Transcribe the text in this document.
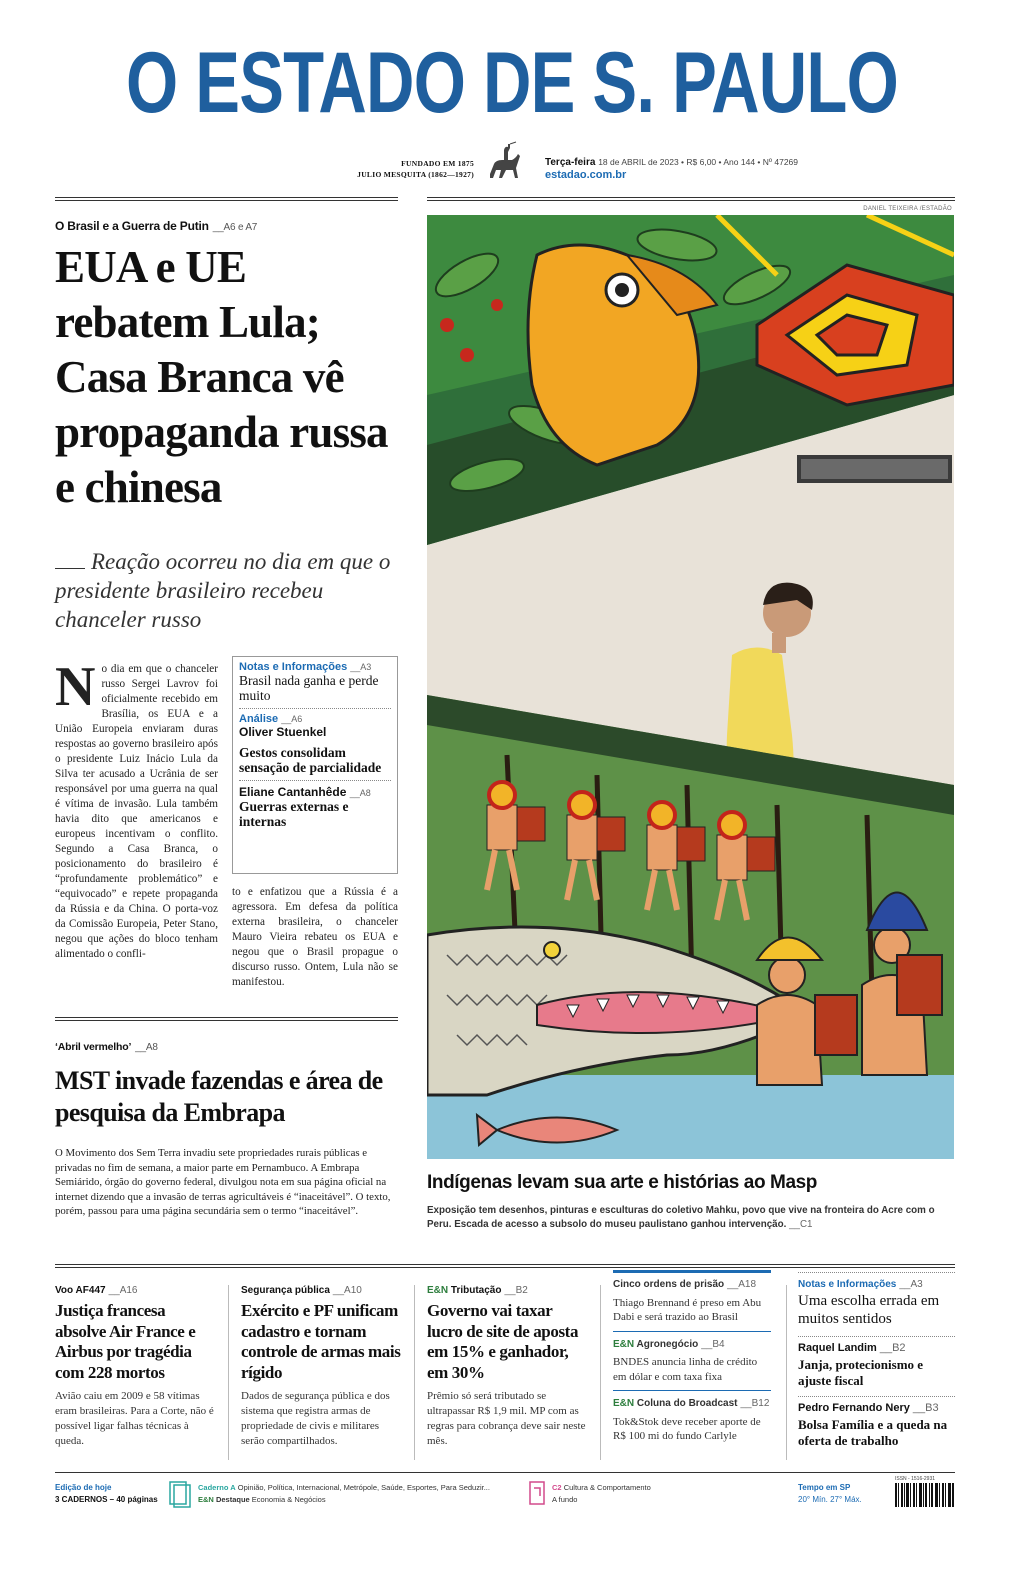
O ESTADO DE S. PAULO
FUNDADO EM 1875
JULIO MESQUITA (1862—1927)
Terça-feira 18 de ABRIL de 2023 • R$ 6,00 • Ano 144 • Nº 47269
estadao.com.br
O Brasil e a Guerra de Putin __A6 e A7
EUA e UE rebatem Lula; Casa Branca vê propaganda russa e chinesa
Reação ocorreu no dia em que o presidente brasileiro recebeu chanceler russo
No dia em que o chanceler russo Sergei Lavrov foi oficialmente recebido em Brasília, os EUA e a União Europeia enviaram duras respostas ao governo brasileiro após o presidente Luiz Inácio Lula da Silva ter acusado a Ucrânia de ser responsável por uma guerra na qual é vítima de invasão. Lula também havia dito que americanos e europeus incentivam o conflito. Segundo a Casa Branca, o posicionamento do brasileiro é “profundamente problemático” e “equivocado” e repete propaganda da Rússia e da China. O porta-voz da Comissão Europeia, Peter Stano, negou que ações do bloco tenham alimentado o confli-
Notas e Informações __A3
Brasil nada ganha e perde muito
Análise __A6
Oliver Stuenkel
Gestos consolidam sensação de parcialidade
Eliane Cantanhêde __A8
Guerras externas e internas
to e enfatizou que a Rússia é a agressora. Em defesa da política externa brasileira, o chanceler Mauro Vieira rebateu os EUA e negou que o Brasil propague o discurso russo. Ontem, Lula não se manifestou.
‘Abril vermelho’ __A8
MST invade fazendas e área de pesquisa da Embrapa
O Movimento dos Sem Terra invadiu sete propriedades rurais públicas e privadas no fim de semana, a maior parte em Pernambuco. A Embrapa Semiárido, órgão do governo federal, divulgou nota em sua página oficial na internet dizendo que a invasão de terras agricultáveis é “inaceitável”. O texto, porém, passou para uma página secundária sem o termo “inaceitável”.
DANIEL TEIXEIRA /ESTADÃO
Indígenas levam sua arte e histórias ao Masp
Exposição tem desenhos, pinturas e esculturas do coletivo Mahku, povo que vive na fronteira do Acre com o Peru. Escada de acesso a subsolo do museu paulistano ganhou intervenção. __C1
Voo AF447 __A16
Justiça francesa absolve Air France e Airbus por tragédia com 228 mortos
Avião caiu em 2009 e 58 vítimas eram brasileiras. Para a Corte, não é possível ligar falhas técnicas à queda.
Segurança pública __A10
Exército e PF unificam cadastro e tornam controle de armas mais rígido
Dados de segurança pública e dos sistema que registra armas de propriedade de civis e militares serão compartilhados.
E&N Tributação __B2
Governo vai taxar lucro de site de aposta em 15% e ganhador, em 30%
Prêmio só será tributado se ultrapassar R$ 1,9 mil. MP com as regras para cobrança deve sair neste mês.
Cinco ordens de prisão __A18
Thiago Brennand é preso em Abu Dabi e será trazido ao Brasil
E&N Agronegócio __B4
BNDES anuncia linha de crédito em dólar e com taxa fixa
E&N Coluna do Broadcast __B12
Tok&Stok deve receber aporte de R$ 100 mi do fundo Carlyle
Notas e Informações __A3
Uma escolha errada em muitos sentidos
Raquel Landim __B2
Janja, protecionismo e ajuste fiscal
Pedro Fernando Nery __B3
Bolsa Família e a queda na oferta de trabalho
Edição de hoje
3 CADERNOS – 40 páginas
Caderno A Opinião, Política, Internacional, Metrópole, Saúde, Esportes, Para Seduzir...
E&N Destaque Economia & Negócios
C2 Cultura & Comportamento
A fundo
Tempo em SP
20° Mín. 27° Máx.
ISSN - 1516-2931
